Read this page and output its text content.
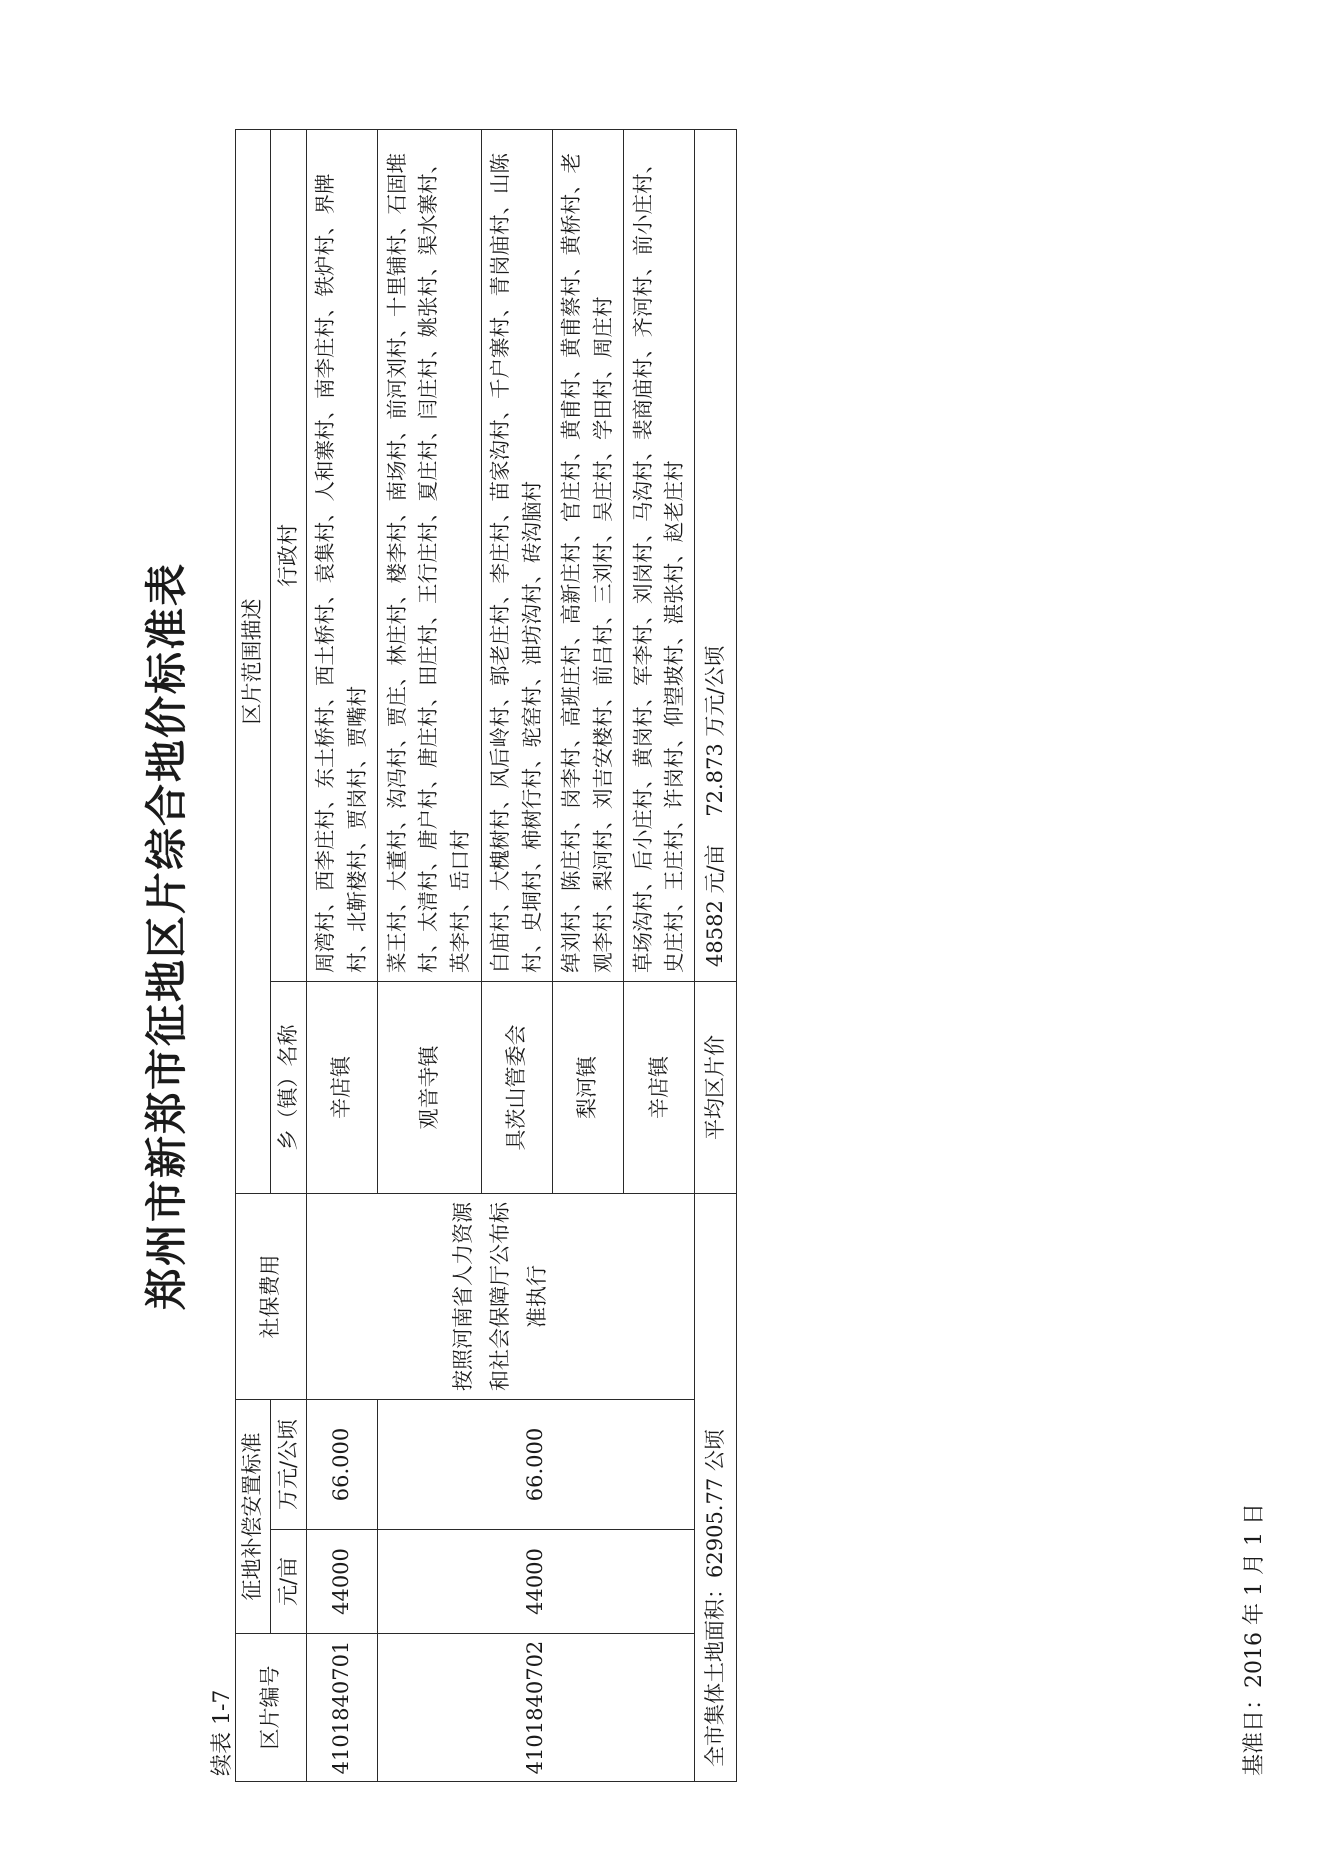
郑州市新郑市征地区片综合地价标准表
续表 1-7 区片编号	征地补偿安置标准		社保费用	区片范围描述	
	元/亩	万元/公顷		乡（镇）名称	行政村
4101840701	44000	66.000	按照河南省人力资源和社会保障厅公布标准执行	辛店镇	周湾村、西李庄村、东土桥村、西土桥村、袁集村、人和寨村、南李庄村、铁炉村、界牌村、北靳楼村、贾岗村、贾嘴村
4101840702	44000	66.000		观音寺镇	菜王村、大董村、沟冯村、贾庄、林庄村、楼李村、南场村、前河刘村、十里铺村、石固堆村、太清村、唐户村、唐庄村、田庄村、王行庄村、夏庄村、闫庄村、姚张村、渠水寨村、英李村、岳口村
				具茨山管委会	白庙村、大槐树村、风后岭村、郭老庄村、李庄村、苗家沟村、千户寨村、青岗庙村、山陈村、史垌村、柿树行村、驼窑村、油坊沟村、砖沟脑村
				梨河镇	绰刘村、陈庄村、岗李村、高班庄村、高新庄村、官庄村、黄甫村、黄甫蔡村、黄桥村、老观李村、梨河村、刘吉安楼村、前吕村、三刘村、吴庄村、学田村、周庄村
				辛店镇	草场沟村、后小庄村、黄岗村、军李村、刘岗村、马沟村、裴商庙村、齐河村、前小庄村、史庄村、王庄村、许岗村、仰望坡村、湛张村、赵老庄村
全市集体土地面积：62905.77 公顷				平均区片价	48582 元/亩　 72.873 万元/公顷
基准日：2016 年 1 月 1 日
